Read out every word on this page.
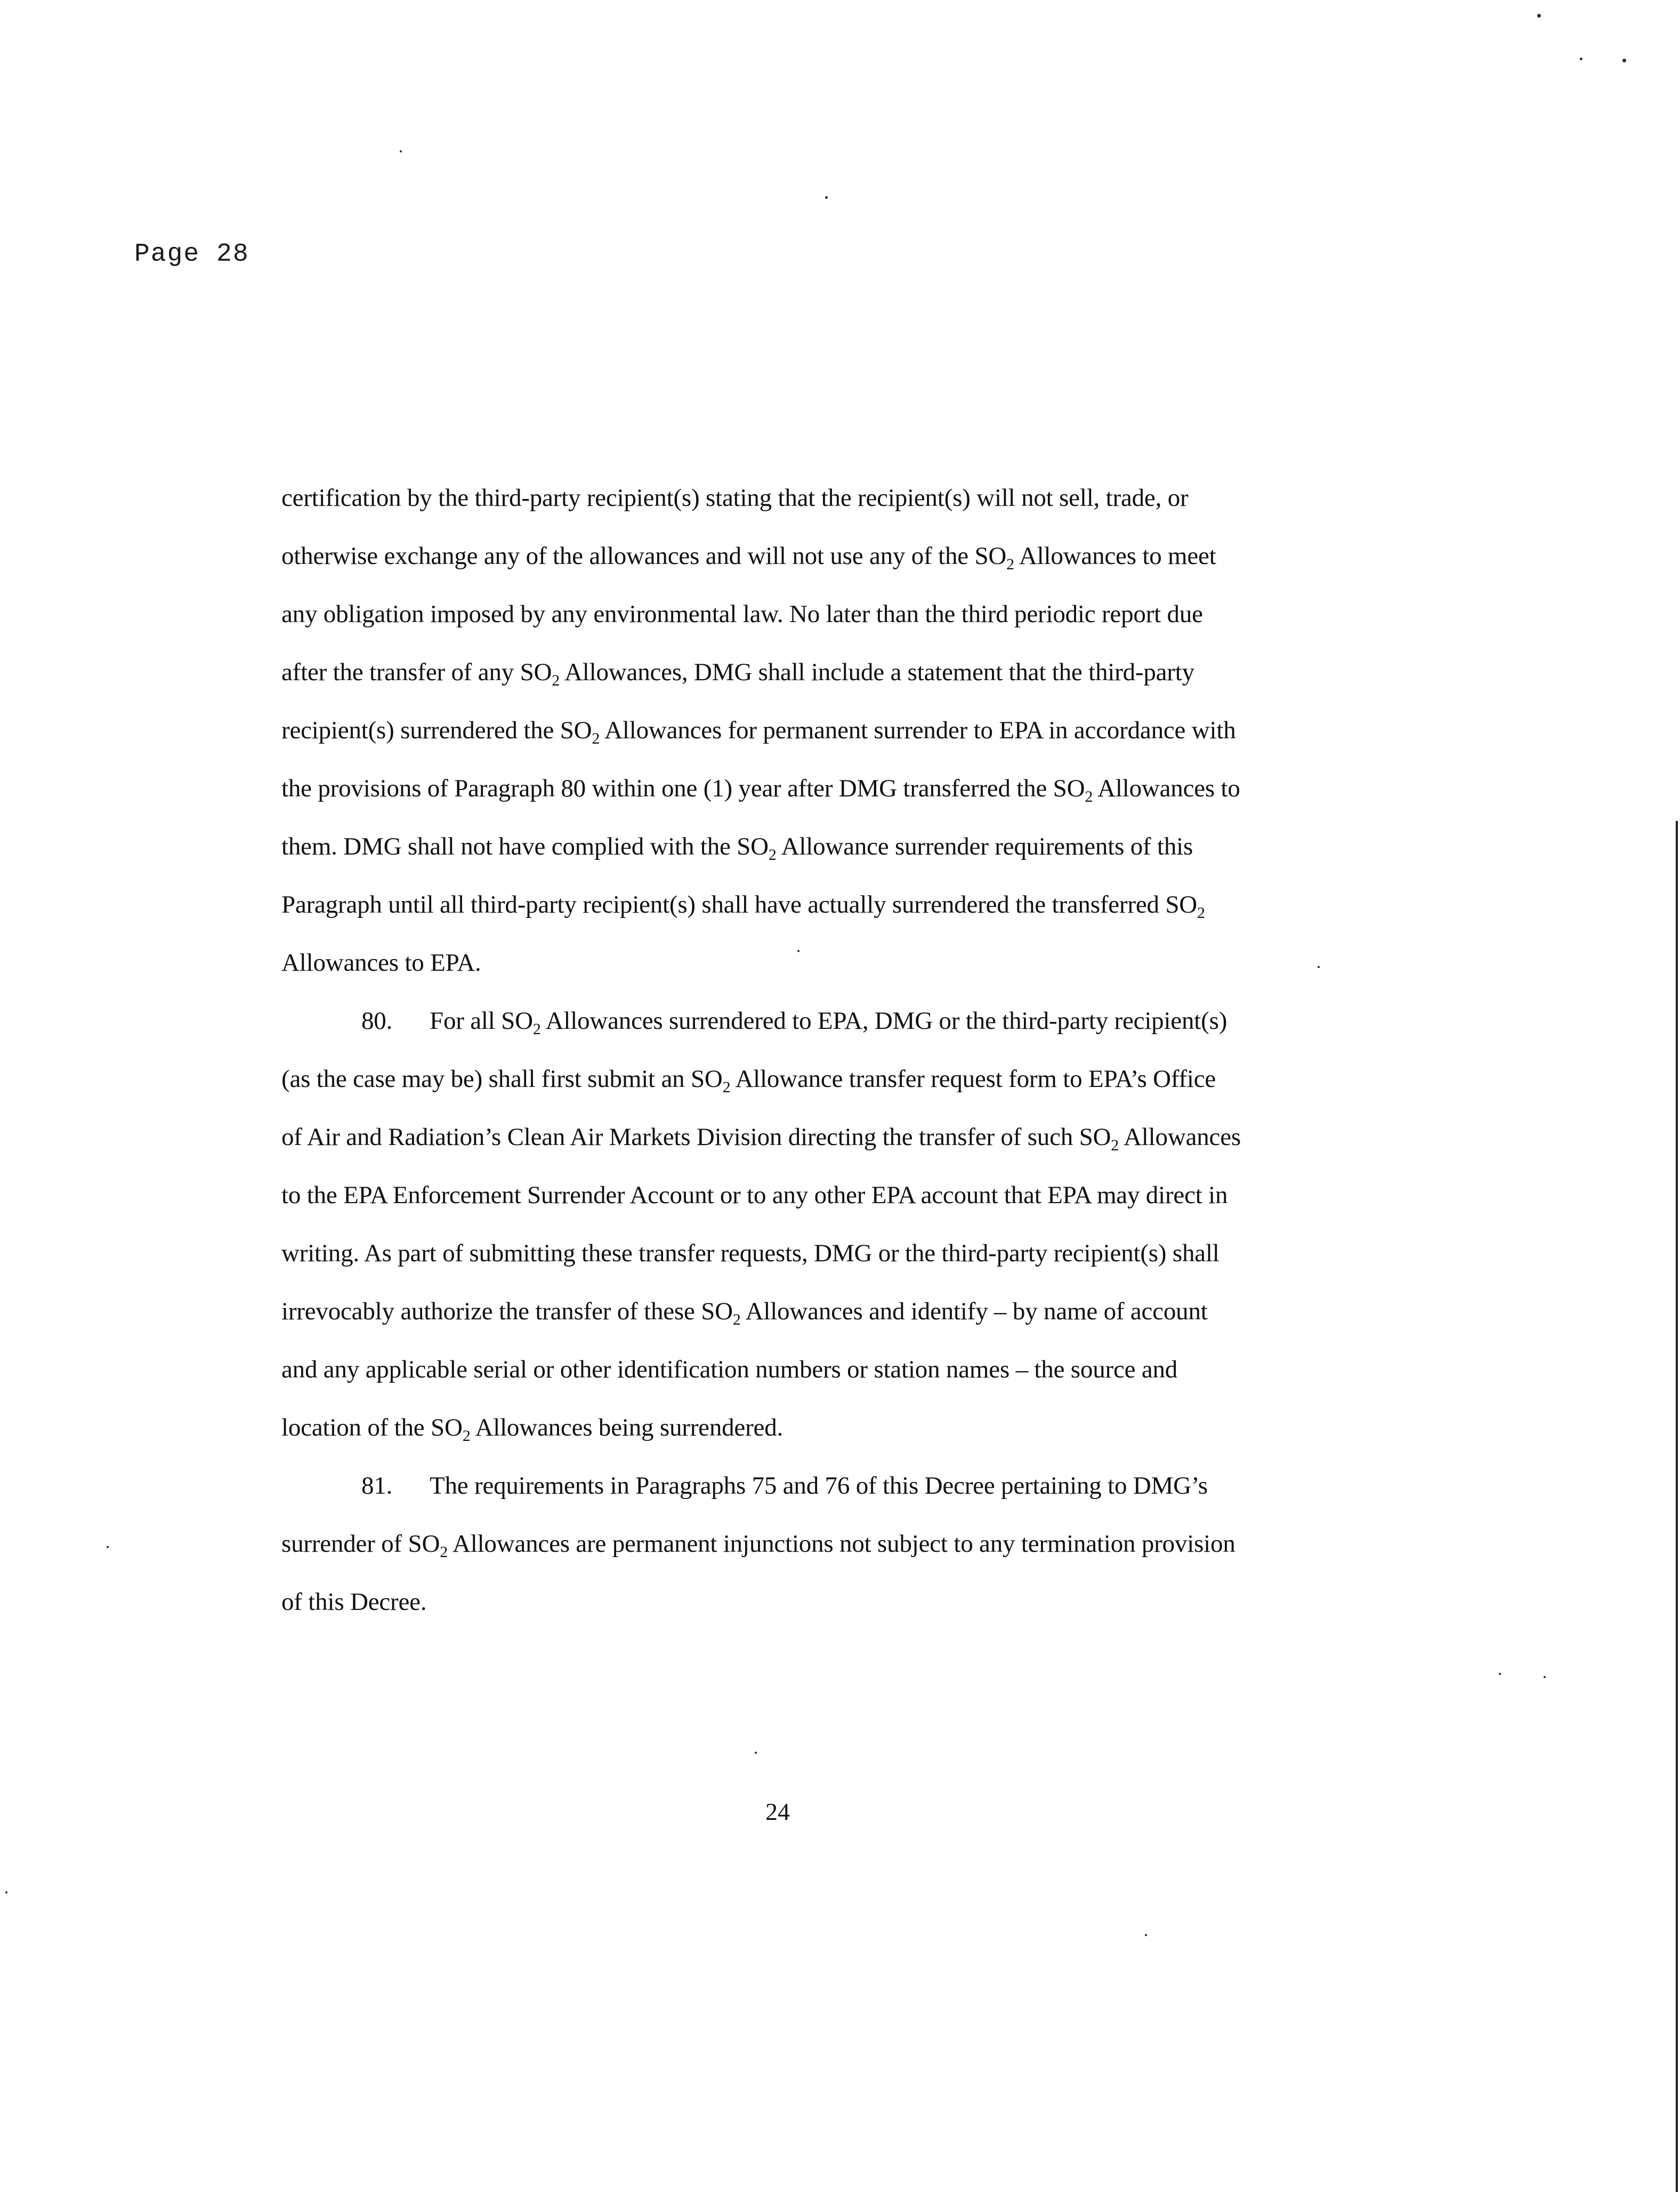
Page 28
certification by the third-party recipient(s) stating that the recipient(s) will not sell, trade, or
otherwise exchange any of the allowances and will not use any of the $SO_2$ Allowances to meet
any obligation imposed by any environmental law. No later than the third periodic report due
after the transfer of any $SO_2$ Allowances, DMG shall include a statement that the third-party
recipient(s) surrendered the $SO_2$ Allowances for permanent surrender to EPA in accordance with
the provisions of Paragraph 80 within one (1) year after DMG transferred the $SO_2$ Allowances to
them. DMG shall not have complied with the $SO_2$ Allowance surrender requirements of this
Paragraph until all third-party recipient(s) shall have actually surrendered the transferred $SO_2$
Allowances to EPA.
80. For all $SO_2$ Allowances surrendered to EPA, DMG or the third-party recipient(s)
(as the case may be) shall first submit an $SO_2$ Allowance transfer request form to EPA’s Office
of Air and Radiation’s Clean Air Markets Division directing the transfer of such $SO_2$ Allowances
to the EPA Enforcement Surrender Account or to any other EPA account that EPA may direct in
writing. As part of submitting these transfer requests, DMG or the third-party recipient(s) shall
irrevocably authorize the transfer of these $SO_2$ Allowances and identify – by name of account
and any applicable serial or other identification numbers or station names – the source and
location of the $SO_2$ Allowances being surrendered.
81. The requirements in Paragraphs 75 and 76 of this Decree pertaining to DMG’s
surrender of $SO_2$ Allowances are permanent injunctions not subject to any termination provision
of this Decree.
24
